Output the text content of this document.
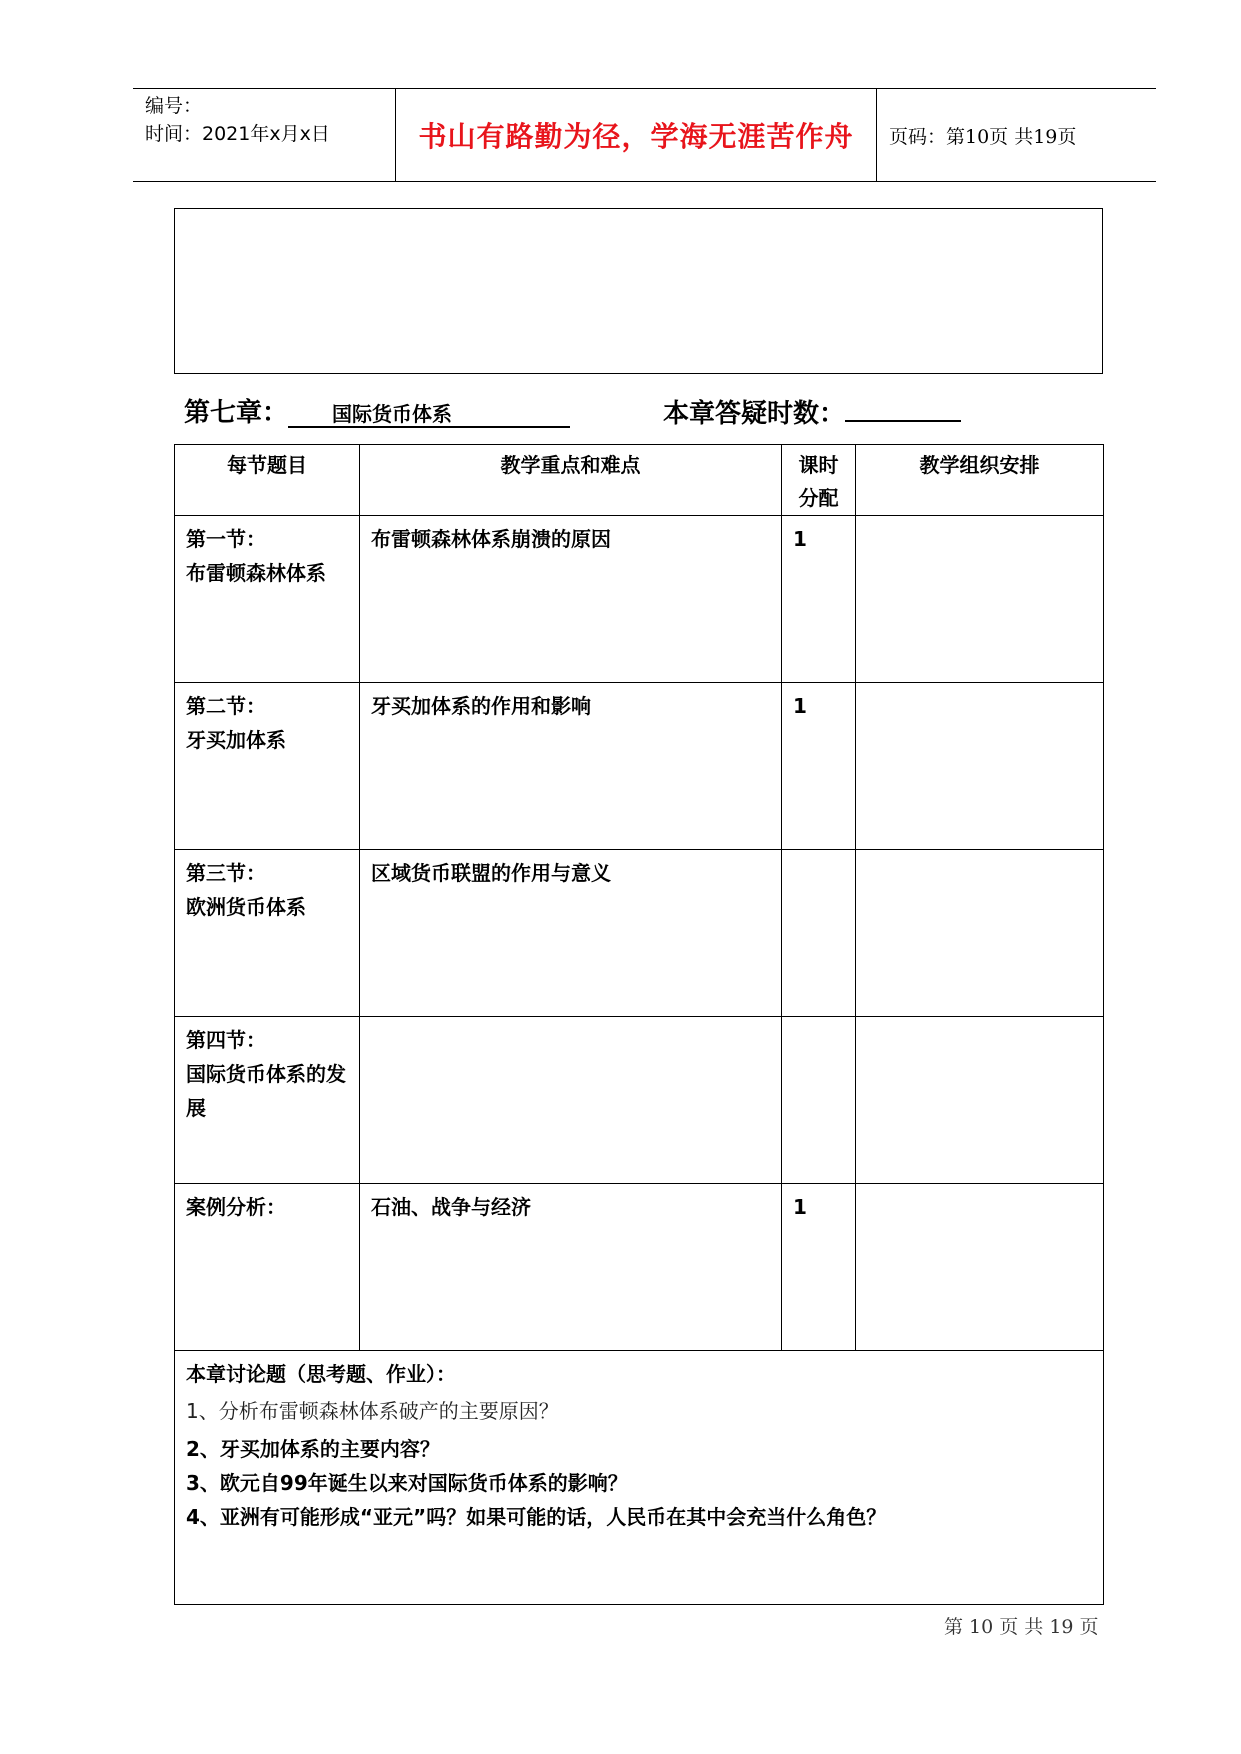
编号：
时间：2021年x月x日	书山有路勤为径，学海无涯苦作舟 页码：第10页 共19页
第七章： 国际货币体系	本章答疑时数：
每节题目	教学重点和难点	课时分配	教学组织安排

第一节：
布雷顿森林体系	布雷顿森林体系崩溃的原因	1	

第二节：
牙买加体系	牙买加体系的作用和影响	1	

第三节：
欧洲货币体系	区域货币联盟的作用与意义		

第四节：
国际货币体系的发展			

案例分析：	石油、战争与经济	1	

本章讨论题（思考题、作业）：
1、分析布雷顿森林体系破产的主要原因？
2、牙买加体系的主要内容？
3、欧元自99年诞生以来对国际货币体系的影响？
4、亚洲有可能形成“亚元”吗？如果可能的话，人民币在其中会充当什么角色？			
第 10 页 共 19 页
